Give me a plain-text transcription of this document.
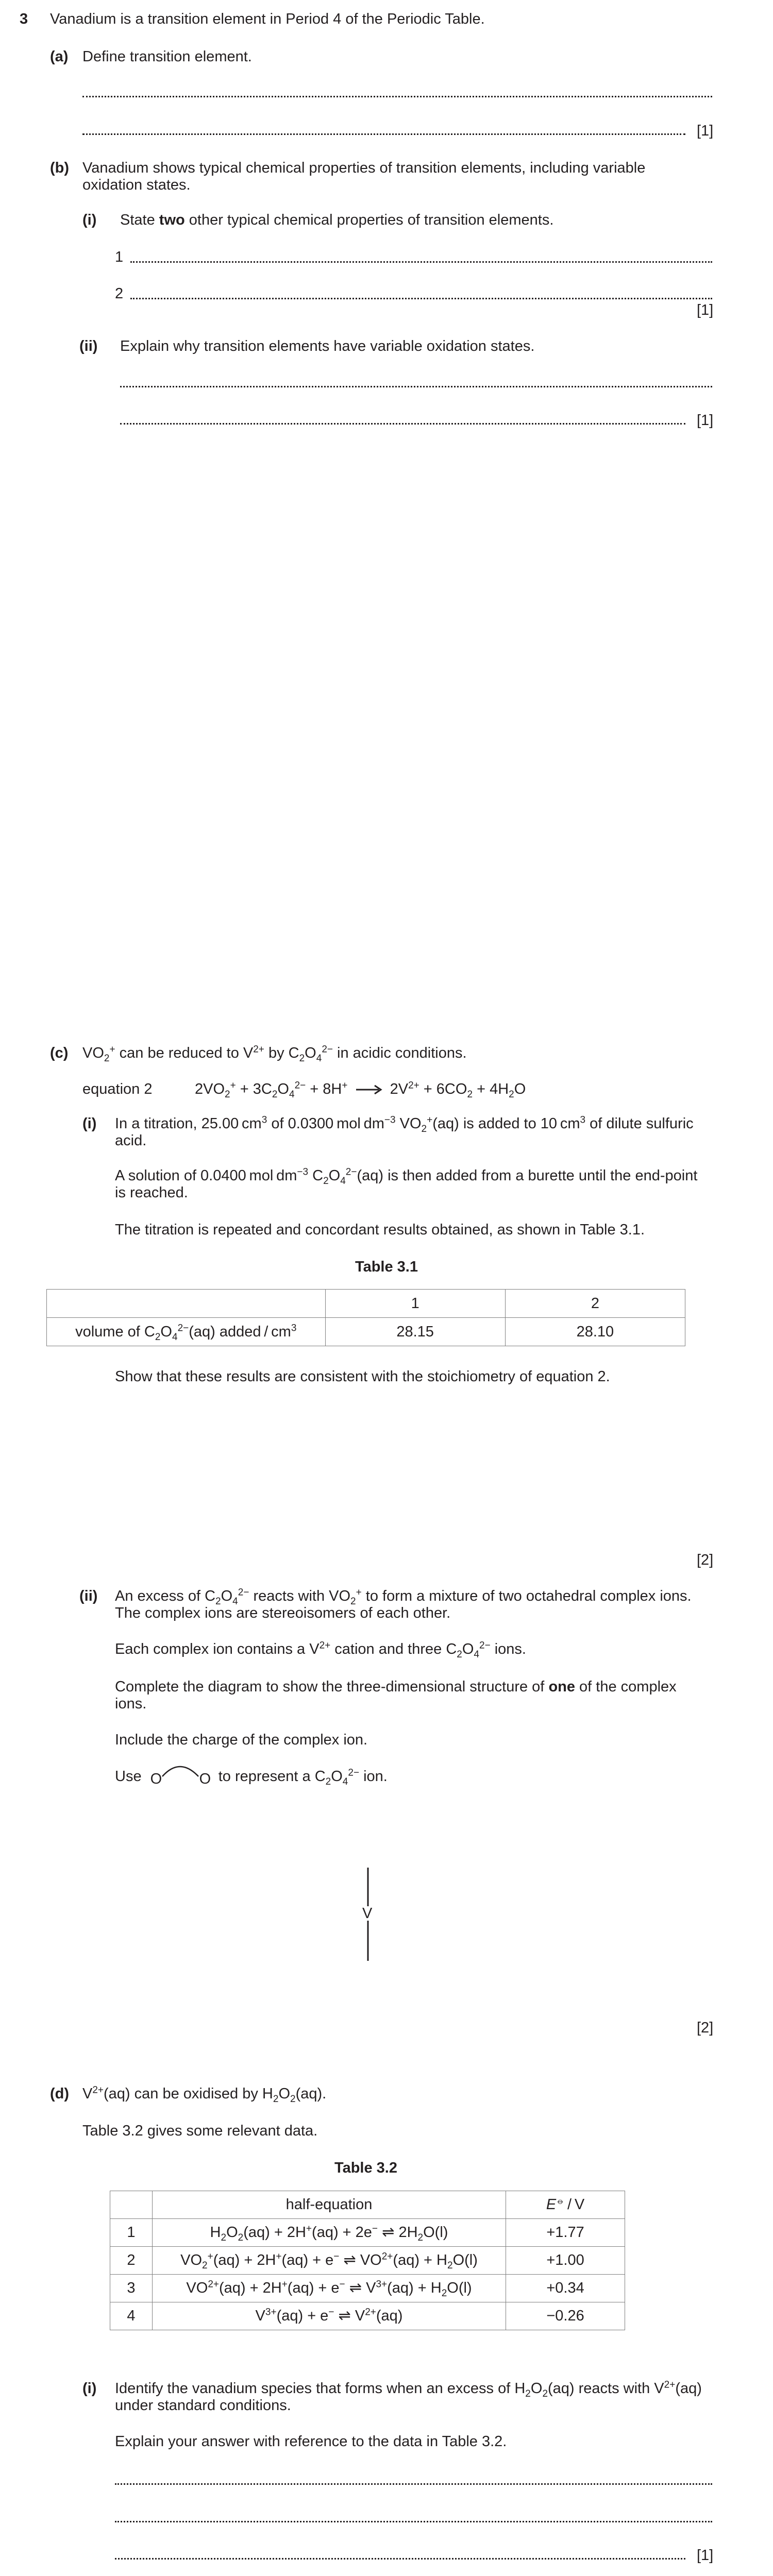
3 Vanadium is a transition element in Period 4 of the Periodic Table.
(a) Define transition element.
[1]
(b) Vanadium shows typical chemical properties of transition elements, including variable
oxidation states.
(i) State two other typical chemical properties of transition elements.
1
2
[1]
(ii) Explain why transition elements have variable oxidation states.
[1]
(c) $VO_2^+$ can be reduced to $V^{2+}$ by $C_2O_4^{2-}$ in acidic conditions.
equation 2	$2VO_2^+ + 3C_2O_4^{2-} + 8H^+ \to 2V^{2+} + 6CO_2 + 4H_2O$
(i) In a titration, 25.00 $cm^3$ of 0.0300 mol $dm^{-3}$ $VO_2^+(aq)$ is added to 10 $cm^3$ of dilute sulfuric
acid.
A solution of 0.0400 mol $dm^{-3}$ $C_2O_4^{2-}(aq)$ is then added from a burette until the end-point
is reached.
The titration is repeated and concordant results obtained, as shown in Table 3.1.
Table 3.1
	1	2
volume of $C_2O_4^{2-}(aq)$ added / $cm^3$	28.15	28.10
Show that these results are consistent with the stoichiometry of equation 2.
[2]
(ii) An excess of $C_2O_4^{2-}$ reacts with $VO_2^+$ to form a mixture of two octahedral complex ions.
The complex ions are stereoisomers of each other.
Each complex ion contains a $V^{2+}$ cation and three $C_2O_4^{2-}$ ions.
Complete the diagram to show the three-dimensional structure of one of the complex
ions.
Include the charge of the complex ion.
Use O O to represent a $C_2O_4^{2-}$ ion.
V
[2]
(d) $V^{2+}(aq)$ can be oxidised by $H_2O_2(aq)$.
Table 3.2 gives some relevant data.
Table 3.2
	half-equation	E⦵ / V
1	$H_2O_2(aq) + 2H^+(aq) + 2e^-$ ⇌ $2H_2O(l)$	+1.77
2	$VO_2^+(aq) + 2H^+(aq) + e^-$ ⇌ $VO^{2+}(aq) + H_2O(l)$	+1.00
3	$VO^{2+}(aq) + 2H^+(aq) + e^-$ ⇌ $V^{3+}(aq) + H_2O(l)$	+0.34
4	$V^{3+}(aq) + e^-$ ⇌ $V^{2+}(aq)$	−0.26
(i) Identify the vanadium species that forms when an excess of $H_2O_2(aq)$ reacts with $V^{2+}(aq)$
under standard conditions.
Explain your answer with reference to the data in Table 3.2.
[1]
